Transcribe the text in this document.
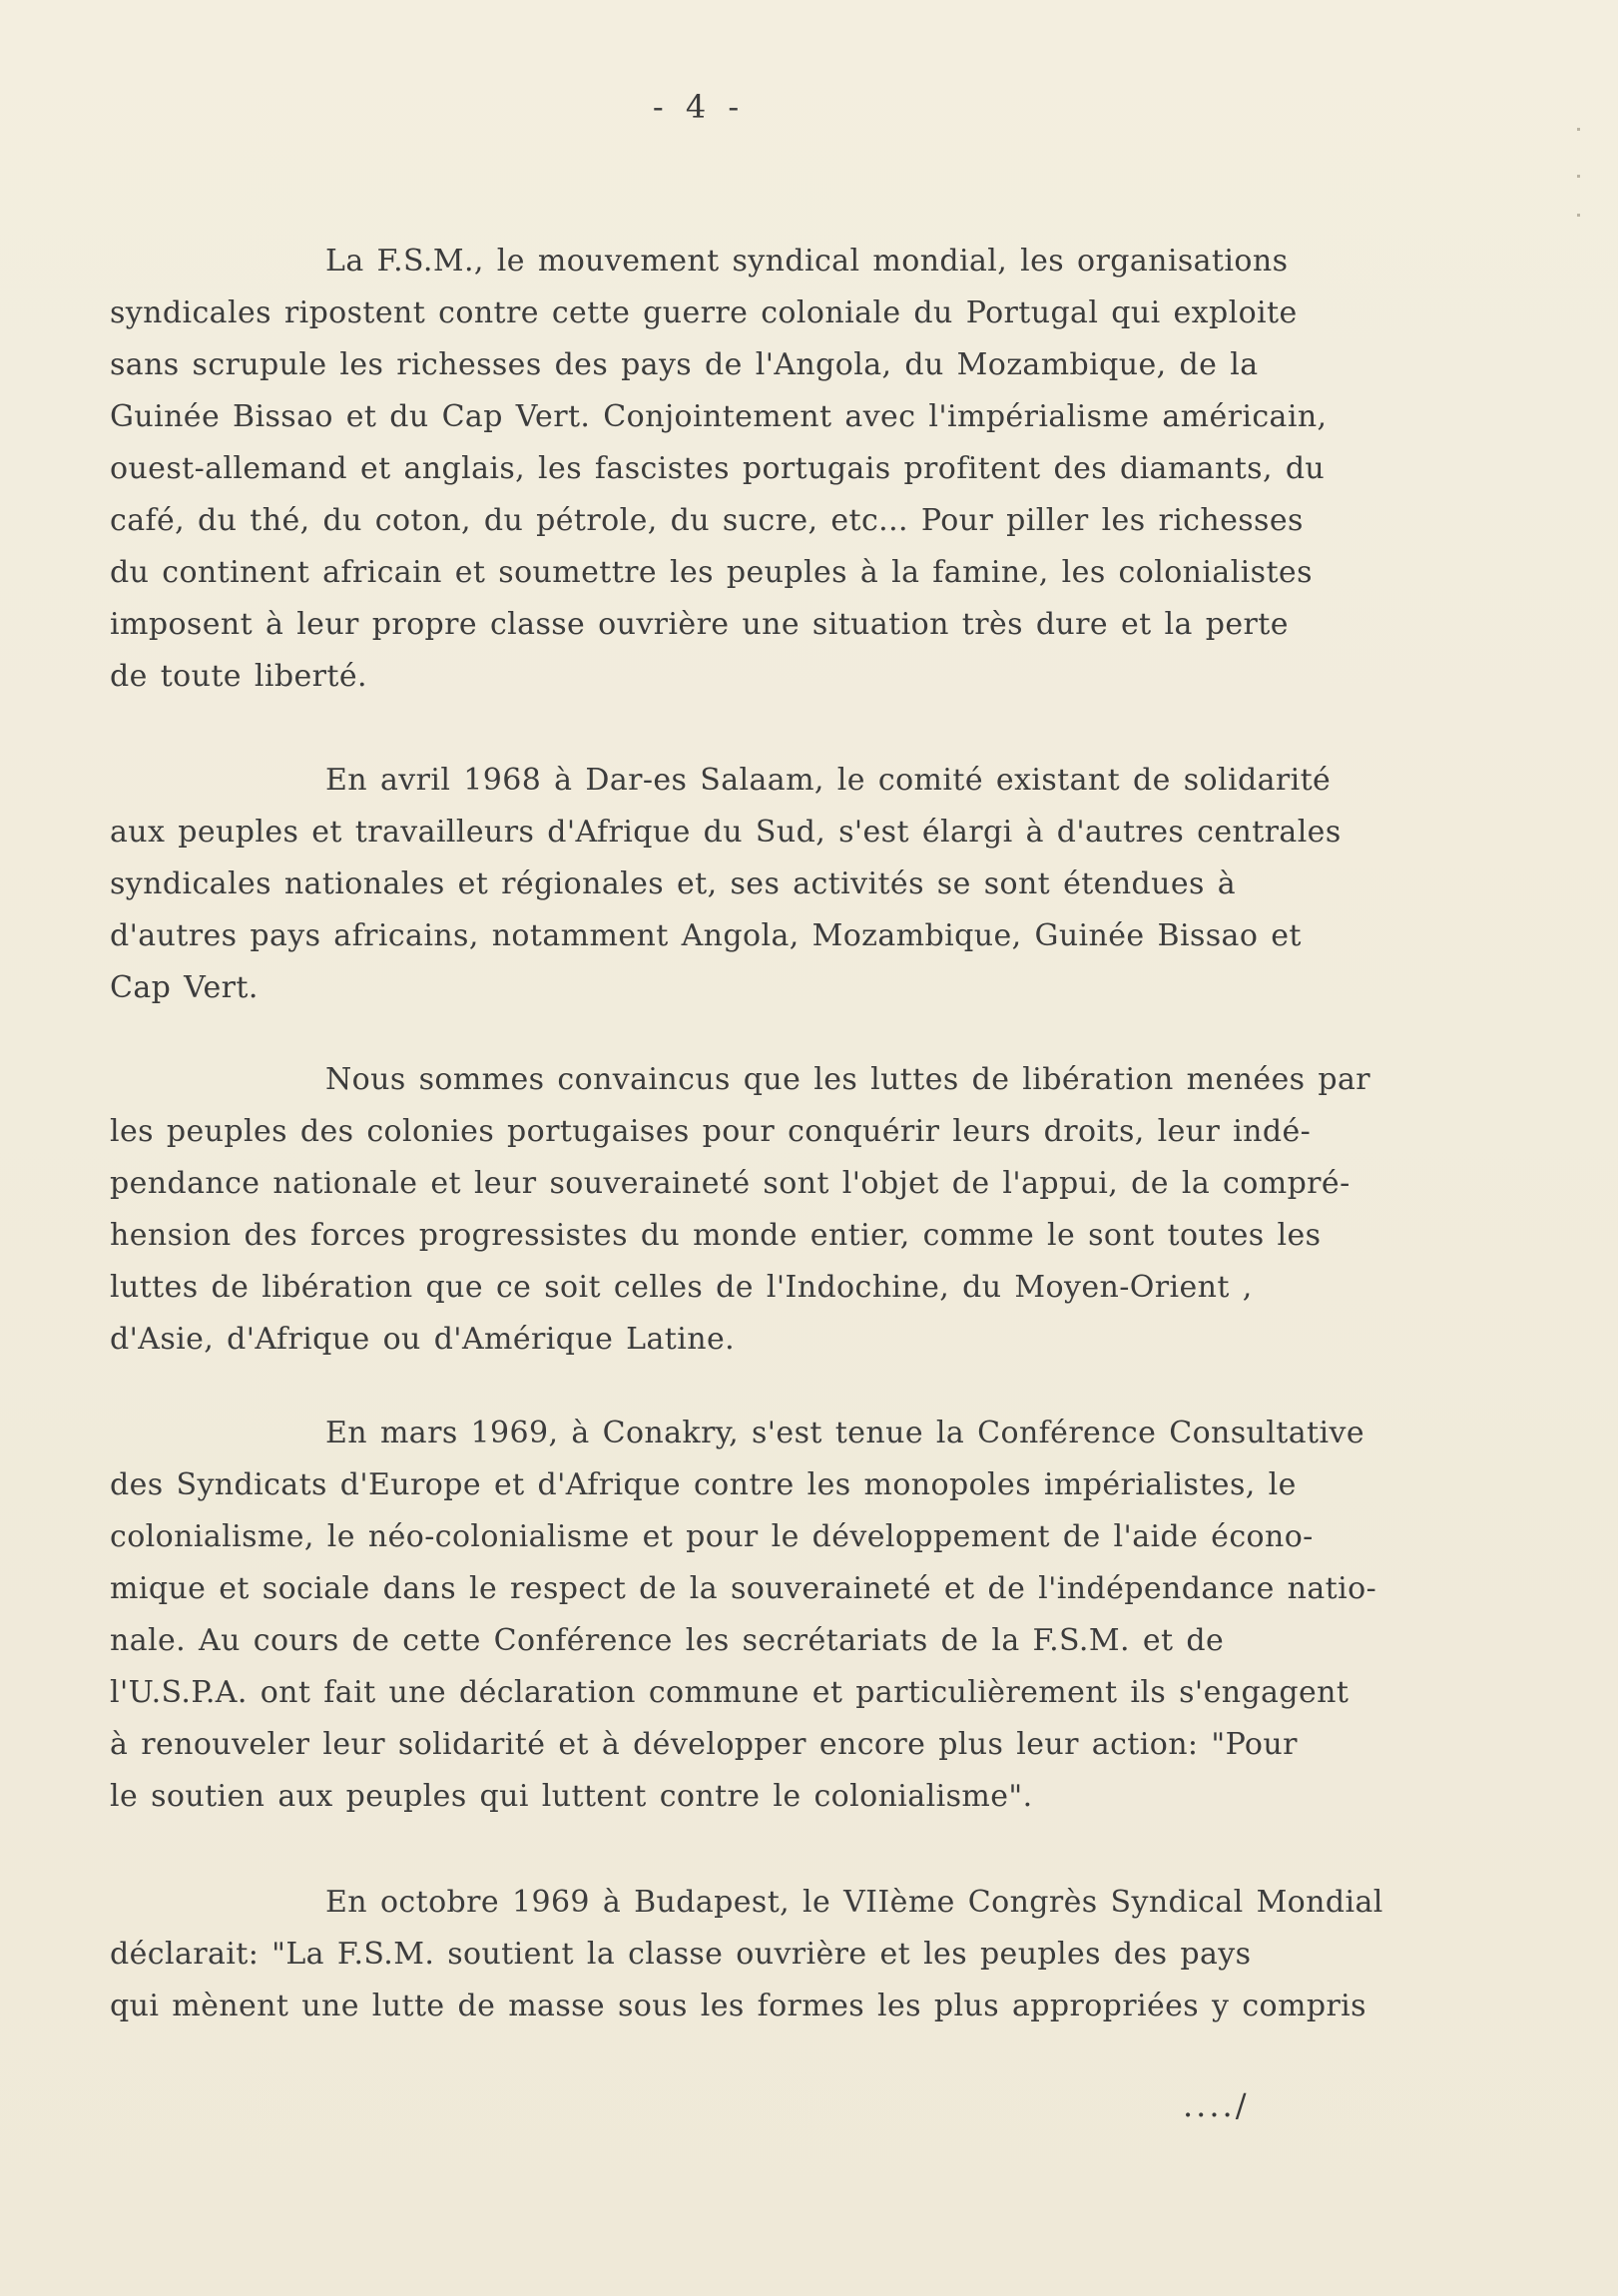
- 4 -
La F.S.M., le mouvement syndical mondial, les organisations
syndicales ripostent contre cette guerre coloniale du Portugal qui exploite
sans scrupule les richesses des pays de l'Angola, du Mozambique, de la
Guinée Bissao et du Cap Vert. Conjointement avec l'impérialisme américain,
ouest-allemand et anglais, les fascistes portugais profitent des diamants, du
café, du thé, du coton, du pétrole, du sucre, etc... Pour piller les richesses
du continent africain et soumettre les peuples à la famine, les colonialistes
imposent à leur propre classe ouvrière une situation très dure et la perte
de toute liberté.
En avril 1968 à Dar-es Salaam, le comité existant de solidarité
aux peuples et travailleurs d'Afrique du Sud, s'est élargi à d'autres centrales
syndicales nationales et régionales et, ses activités se sont étendues à
d'autres pays africains, notamment Angola, Mozambique, Guinée Bissao et
Cap Vert.
Nous sommes convaincus que les luttes de libération menées par
les peuples des colonies portugaises pour conquérir leurs droits, leur indé-
pendance nationale et leur souveraineté sont l'objet de l'appui, de la compré-
hension des forces progressistes du monde entier, comme le sont toutes les
luttes de libération que ce soit celles de l'Indochine, du Moyen-Orient ,
d'Asie, d'Afrique ou d'Amérique Latine.
En mars 1969, à Conakry, s'est tenue la Conférence Consultative
des Syndicats d'Europe et d'Afrique contre les monopoles impérialistes, le
colonialisme, le néo-colonialisme et pour le développement de l'aide écono-
mique et sociale dans le respect de la souveraineté et de l'indépendance natio-
nale. Au cours de cette Conférence les secrétariats de la F.S.M. et de
l'U.S.P.A. ont fait une déclaration commune et particulièrement ils s'engagent
à renouveler leur solidarité et à développer encore plus leur action: "Pour
le soutien aux peuples qui luttent contre le colonialisme".
En octobre 1969 à Budapest, le VIIème Congrès Syndical Mondial
déclarait: "La F.S.M. soutient la classe ouvrière et les peuples des pays
qui mènent une lutte de masse sous les formes les plus appropriées y compris
..../
